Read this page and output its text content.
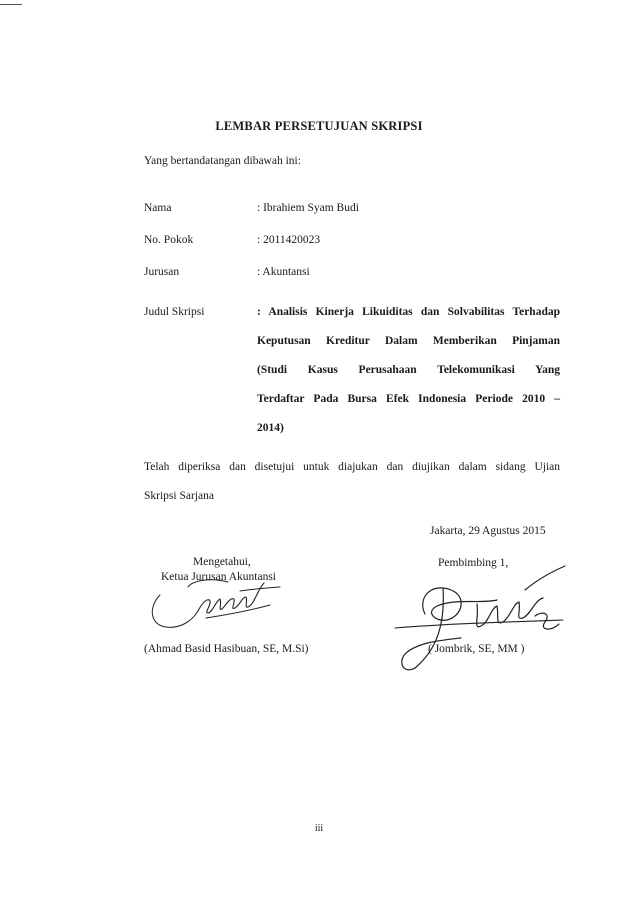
LEMBAR PERSETUJUAN SKRIPSI
Yang bertandatangan dibawah ini:
Nama	: Ibrahiem Syam Budi
No. Pokok	: 2011420023
Jurusan	: Akuntansi
Judul Skripsi	: Analisis Kinerja Likuiditas dan Solvabilitas Terhadap
Keputusan Kreditur Dalam Memberikan Pinjaman
(Studi Kasus Perusahaan Telekomunikasi Yang
Terdaftar Pada Bursa Efek Indonesia Periode 2010 –
2014)
Telah diperiksa dan disetujui untuk diajukan dan diujikan dalam sidang Ujian
Skripsi Sarjana
Jakarta, 29 Agustus 2015
Mengetahui,
Ketua Jurusan Akuntansi
Pembimbing 1,
(Ahmad Basid Hasibuan, SE, M.Si)	( Jombrik, SE, MM )
iii
